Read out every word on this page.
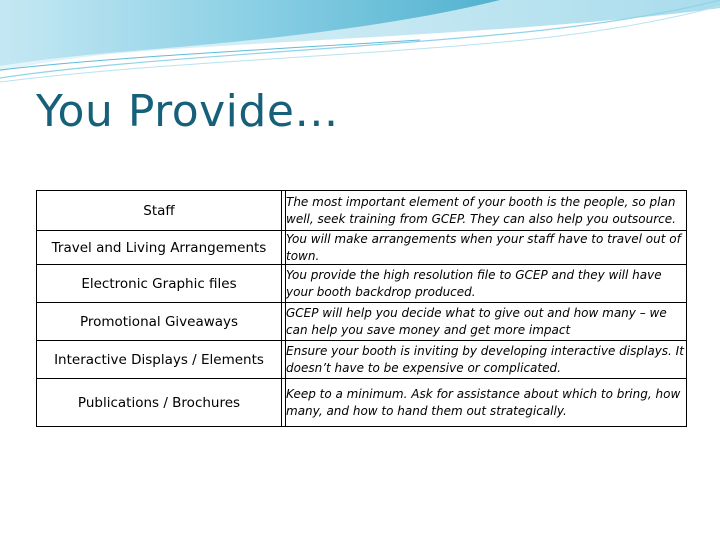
You Provide…
Staff		The most important element of your booth is the people, so plan well, seek training from GCEP. They can also help you outsource.

Travel and Living Arrangements		You will make arrangements when your staff have to travel out of town.

Electronic Graphic files		You provide the high resolution file to GCEP and they will have your booth backdrop produced.

Promotional Giveaways		GCEP will help you decide what to give out and how many – we can help you save money and get more impact

Interactive Displays / Elements		Ensure your booth is inviting by developing interactive displays. It doesn’t have to be expensive or complicated.

Publications / Brochures		Keep to a minimum. Ask for assistance about which to bring, how many, and how to hand them out strategically.
